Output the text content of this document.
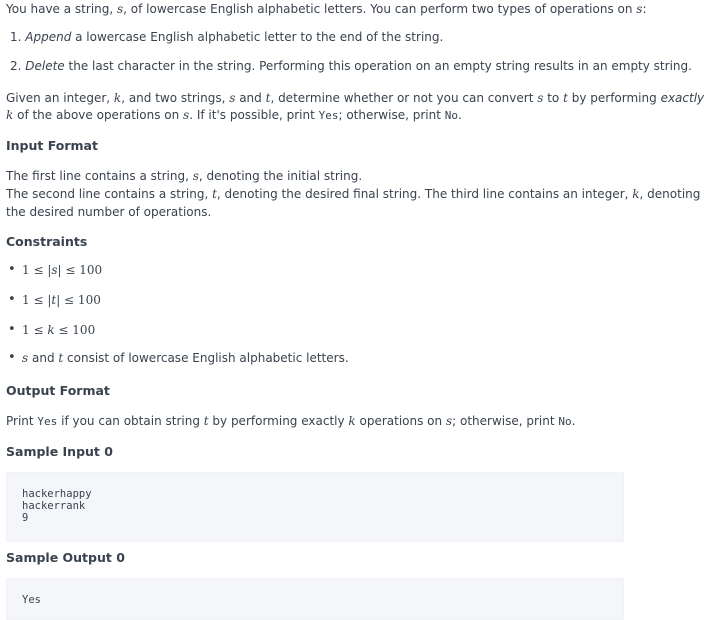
You have a string, s, of lowercase English alphabetic letters. You can perform two types of operations on s:
1. Append a lowercase English alphabetic letter to the end of the string.
2. Delete the last character in the string. Performing this operation on an empty string results in an empty string.
Given an integer, k, and two strings, s and t, determine whether or not you can convert s to t by performing exactly
k of the above operations on s. If it's possible, print Yes; otherwise, print No.
Input Format
The first line contains a string, s, denoting the initial string.
The second line contains a string, t, denoting the desired final string. The third line contains an integer, k, denoting
the desired number of operations.
Constraints
• 1 ≤ |s| ≤ 100
• 1 ≤ |t| ≤ 100
• 1 ≤ k ≤ 100
• s and t consist of lowercase English alphabetic letters.
Output Format
Print Yes if you can obtain string t by performing exactly k operations on s; otherwise, print No.
Sample Input 0
hackerhappy
hackerrank
9
Sample Output 0
Yes
